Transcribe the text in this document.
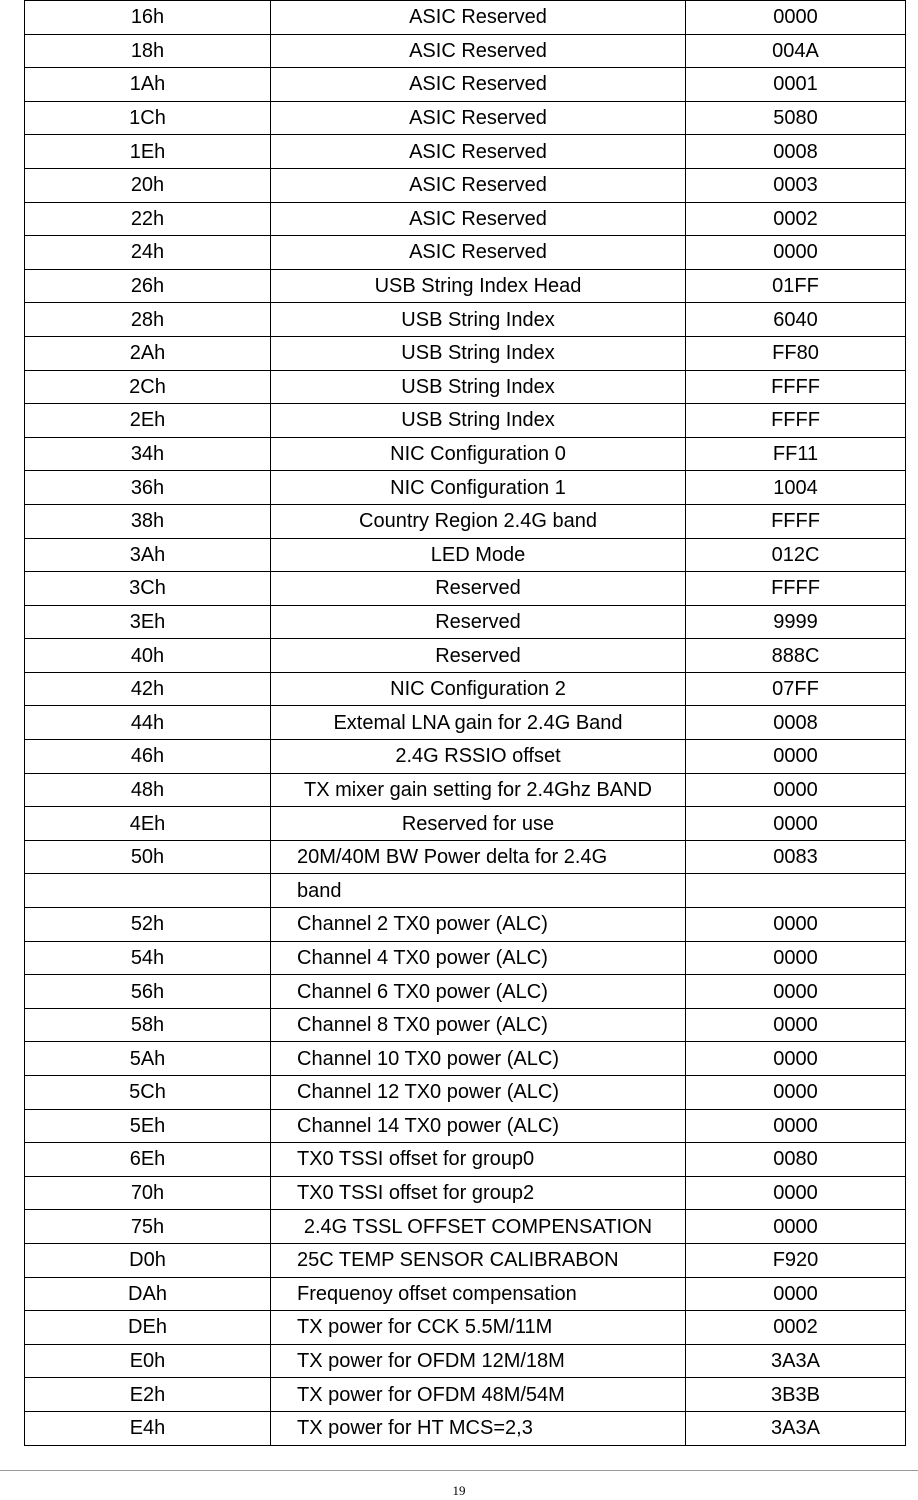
16h	ASIC Reserved	0000
18h	ASIC Reserved	004A
1Ah	ASIC Reserved	0001
1Ch	ASIC Reserved	5080
1Eh	ASIC Reserved	0008
20h	ASIC Reserved	0003
22h	ASIC Reserved	0002
24h	ASIC Reserved	0000
26h	USB String Index Head	01FF
28h	USB String Index	6040
2Ah	USB String Index	FF80
2Ch	USB String Index	FFFF
2Eh	USB String Index	FFFF
34h	NIC Configuration 0	FF11
36h	NIC Configuration 1	1004
38h	Country Region 2.4G band	FFFF
3Ah	LED Mode	012C
3Ch	Reserved	FFFF
3Eh	Reserved	9999
40h	Reserved	888C
42h	NIC Configuration 2	07FF
44h	Extemal LNA gain for 2.4G Band	0008
46h	2.4G RSSIO offset	0000
48h	TX mixer gain setting for 2.4Ghz BAND	0000
4Eh	Reserved for use	0000
50h	20M/40M BW Power delta for 2.4G	0083
	band	
52h	Channel 2 TX0 power (ALC)	0000
54h	Channel 4 TX0 power (ALC)	0000
56h	Channel 6 TX0 power (ALC)	0000
58h	Channel 8 TX0 power (ALC)	0000
5Ah	Channel 10 TX0 power (ALC)	0000
5Ch	Channel 12 TX0 power (ALC)	0000
5Eh	Channel 14 TX0 power (ALC)	0000
6Eh	TX0 TSSI offset for group0	0080
70h	TX0 TSSI offset for group2	0000
75h	2.4G TSSL OFFSET COMPENSATION	0000
D0h	25C TEMP SENSOR CALIBRABON	F920
DAh	Frequenoy offset compensation	0000
DEh	TX power for CCK 5.5M/11M	0002
E0h	TX power for OFDM 12M/18M	3A3A
E2h	TX power for OFDM 48M/54M	3B3B
E4h	TX power for HT MCS=2,3	3A3A
19
